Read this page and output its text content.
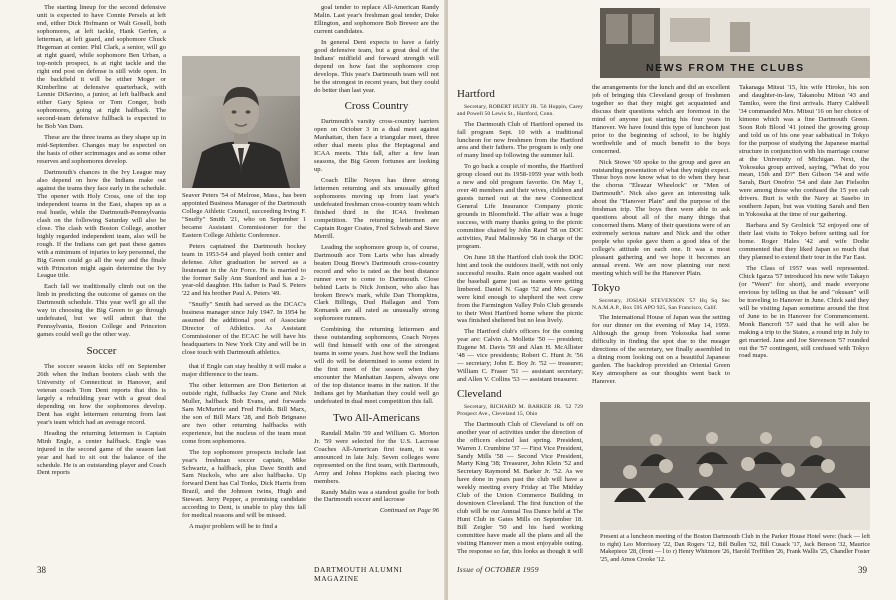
The starting lineup for the second defensive unit is expected to have Connie Persels at left end, either Dick Hofmann or Walt Gosell, both sophomores, at left tackle, Hank Gerfen, a letterman, at left guard, and sophomore Chuck Hegeman at center. Phil Clark, a senior, will go at right guard, while sophomore Ben Urban, a top-notch prospect, is at right tackle and the right end post on defense is still wide open. In the backfield it will be either Moger or Kimberline at defensive quarterback, with Lennie DiSavino, a junior, at left halfback and either Gary Spiess or Tom Conger, both sophomores, going at right halfback. The second-team defensive fullback is expected to be Bob Van Dam.

These are the three teams as they shape up in mid-September. Changes may be expected on the basis of other scrimmages and as some other reserves and sophomores develop.

Dartmouth's chances in the Ivy League may also depend on how the Indians make out against the teams they face early in the schedule. The opener with Holy Cross, one of the top independent teams in the East, shapes up as a real hustle, while the Dartmouth-Pennsylvania clash on the following Saturday will also be close. The clash with Boston College, another highly regarded independent team, also will be rough. If the Indians can get past these games with a minimum of injuries to key personnel, the Big Green could go all the way and the finale with Princeton might again determine the Ivy League title.

Each fall we traditionally climb out on the limb in predicting the outcome of games on the Dartmouth schedule. This year we'll go all the way in choosing the Big Green to go through undefeated, but we will admit that the Pennsylvania, Boston College and Princeton games could well go the other way.

Soccer

The soccer season kicks off on September 26th when the Indian booters clash with the University of Connecticut in Hanover, and veteran coach Tom Dent reports that this is largely a rebuilding year with a great deal depending on how the sophomores develop. Dent has eight lettermen returning from last year's team which had an average record.

Heading the returning lettermen is Captain Minh Engle, a center halfback. Engle was injured in the second game of the season last year and had to sit out the balance of the schedule. He is an outstanding player and Coach Dent reports

Seaver Peters '54 of Melrose, Mass., has been appointed Business Manager of the Dartmouth College Athletic Council, succeeding Irving F. "Snuffy" Smith '21, who on September 1 became Assistant Commissioner for the Eastern College Athletic Conference.

Peters captained the Dartmouth hockey team in 1953-54 and played both center and defense. After graduation he served as a lieutenant in the Air Force. He is married to the former Sally Ann Stanford and has a 2-year-old daughter. His father is Paul S. Peters '22 and his brother Paul A. Peters '49.

"Snuffy" Smith had served as the DCAC's business manager since July 1947. In 1954 he assumed the additional post of Associate Director of Athletics. As Assistant Commissioner of the ECAC he will have his headquarters in New York City and will be in close touch with Dartmouth athletics.

that if Engle can stay healthy it will make a major difference to the team.

The other lettermen are Don Betterton at outside right, fullbacks Jay Crane and Nick Muller, halfback Bob Evans, and forwards Sam McMurtrie and Fred Fields. Bill Marx, the son of Bill Marx '28, and Bob Brignano are two other returning halfbacks with experience, but the nucleus of the team must come from sophomores.

The top sophomore prospects include last year's freshman soccer captain, Mike Schwartz, a halfback, plus Dave Smith and Sam Nuckols, who are also halfbacks. Up forward Dent has Cal Tonks, Dick Harris from Brazil, and the Johnson twins, Hugh and Stewart. Jerry Pepper, a promising candidate according to Dent, is unable to play this fall for medical reasons and will be missed.

A major problem will be to find a

goal tender to replace All-American Randy Malin. Last year's freshman goal tender, Duke Ellington, and sophomore Bob Brewer are the current candidates.

In general Dent expects to have a fairly good defensive team, but a great deal of the Indians' midfield and forward strength will depend on how fast the sophomore crop develops. This year's Dartmouth team will not be the strongest in recent years, but they could do better than last year.

Cross Country

Dartmouth's varsity cross-country harriers open on October 3 in a dual meet against Manhattan, then face a triangular meet, three other dual meets plus the Heptagonal and ICAA meets. This fall, after a few lean seasons, the Big Green fortunes are looking up.

Coach Ellie Noyes has three strong lettermen returning and six unusually gifted sophomores moving up from last year's undefeated freshman cross-country team which finished third in the IC4A freshman competition. The returning lettermen are Captain Roger Coates, Fred Schwab and Steve Merrill.

Leading the sophomore group is, of course, Dartmouth ace Tom Laris who has already beaten Doug Brew's Dartmouth cross-country record and who is rated as the best distance runner ever to come to Dartmouth. Close behind Laris is Nick Jonison, who also has broken Brew's mark, while Dan Thompkins, Clark Billings, Dud Hallagan and Tom Komarek are all rated as unusually strong sophomore runners.

Combining the returning lettermen and these outstanding sophomores, Coach Noyes will find himself with one of the strongest teams in some years. Just how well the Indians will do will be determined to some extent in the first meet of the season when they encounter the Manhattan Jaspers, always one of the top distance teams in the nation. If the Indians get by Manhattan they could well go undefeated in dual meet competition this fall.

Two All-Americans

Randall Malin '59 and William G. Morton Jr. '59 were selected for the U.S. Lacrosse Coaches All-American first team, it was announced in late July. Seven colleges were represented on the first team, with Dartmouth, Army and Johns Hopkins each placing two members.

Randy Malin was a standout goalie for both the Dartmouth soccer and lacrosse

Continued on Page 96
38	DARTMOUTH ALUMNI MAGAZINE
NEWS FROM THE CLUBS
Hartford

Secretary, ROBERT HUEY JR. '56 Hoppin, Carey and Powell 50 Lewis St., Hartford, Conn.

The Dartmouth Club of Hartford opened its fall program Sept. 10 with a traditional luncheon for new freshmen from the Hartford area and their fathers. The program is only one of many lined up following the summer lull.

To go back a couple of months, the Hartford group closed out its 1958-1959 year with both a new and old program favorite. On May 1, over 40 members and their wives, children and guests turned out at the new Connecticut General Life Insurance Company picnic grounds in Bloomfield. The affair was a huge success, with many thanks going to the picnic committee chaired by John Rand '58 on DOC activities, Paul Malinosky '56 in charge of the program.

On June 18 the Hartford club took the DOC hint and took the outdoors itself, with not only successful results. Rain once again washed out the baseball game just as teams were getting limbered. Daniel N. Gage '52 and Mrs. Gage were kind enough to shepherd the wet crew from the Farmington Valley Polo Club grounds to their West Hartford home where the picnic was finished sheltered but no less lively.

The Hartford club's officers for the coming year are: Calvin A. Mollette '50 — president; Eugene M. Davis '59 and Alan H. McAllister '48 — vice presidents; Robert C. Hunt Jr. '56 — secretary; John E. Boy Jr. '52 — treasurer; William C. Fraser '51 — assistant secretary; and Allen V. Collins '53 — assistant treasurer.

Cleveland

Secretary, RICHARD M. BARKER JR. '52 729 Prospect Ave., Cleveland 15, Ohio

The Dartmouth Club of Cleveland is off on another year of activities under the direction of the officers elected last spring. President, Warren J. Crumbine '37 — First Vice President, Sandy Mills '58 — Second Vice President, Marty King '38; Treasurer, John Klein '52 and Secretary Raymond M. Barker Jr. '52. As we have done in years past the club will have a weekly meeting every Friday at The Midday Club of the Union Commerce Building in downtown Cleveland. The first function of the club will be our Annual Tea Dance held at The Hunt Club in Gates Mills on September 18. Bill Zeigler '50 and his hard working committee have made all the plans and all the visiting Hanover men a most enjoyable outing. The response so far, this looks as though it will

the arrangements for the lunch and did an excellent job of bringing this Cleveland group of freshmen together so that they might get acquainted and discuss their questions which are foremost in the mind of anyone just starting his four years in Hanover. We have found this type of luncheon just prior to the beginning of school, to be highly worthwhile and of much benefit to the boys concerned.

Nick Stowe '69 spoke to the group and gave an outstanding presentation of what they might expect. These boys now know what to do when they hear the chorus "Eleazar Wheelock" or "Men of Dartmouth". Nick also gave an interesting talk about the "Hanover Plain" and the purpose of the freshman trip. The boys then were able to ask questions about all of the many things that concerned them. Many of their questions were of an extremely serious nature and Nick and the other people who spoke gave them a good idea of the college's attitude on each one. It was a most pleasant gathering and we hope it becomes an annual event. We are now planning our next meeting which will be the Hanover Plain.

Tokyo

Secretary, JOSIAH STEVENSON '57 Hq Sq Sec N.A.M.A.P., Box 595 APO 925, San Francisco, Calif.

The International House of Japan was the setting for our dinner on the evening of May 14, 1959. Although the group from Yokosuka had some difficulty in finding the spot due to the meager directions of the secretary, we finally assembled in a dining room looking out on a beautiful Japanese garden. The backdrop provided an Oriental Green Key atmosphere as our thoughts went back to Hanover.

Takanaga Mitsui '15, his wife Hiroko, his son and daughter-in-law, Takanobu Mitsui '43 and Tamiko, were the first arrivals. Harry Caldwell '34 commanded Mrs. Mitsui '16 on her choice of kimono which was a fine Dartmouth Green. Soon Rob Blood '41 joined the growing group and told us of his one year sabbatical in Tokyo for the purpose of studying the Japanese marital structure in conjunction with his marriage course at the University of Michigan. Next, the Yokosuka group arrived, saying, "What do you mean, 15th and D?" Ben Gibson '54 and wife Sarah, Burt Onofrio '54 and date Jan Fielsohn were among those who confused the 15 yen cab drivers. Burt is with the Navy at Sasebo in southern Japan, but was visiting Sarah and Ben in Yokosuka at the time of our gathering.

Barbara and Sy Grolnick '52 enjoyed one of their last visits to Tokyo before setting sail for home. Roger Hales '42 and wife Dodie commented that they liked Japan so much that they planned to extend their tour in the Far East.

The Class of 1957 was well represented. Chick Igarza '57 introduced his new wife Takayo (or "Ween" for short), and made everyone envious by telling us that he and "okusan" will be traveling to Hanover in June. Chick said they will be visiting Japan sometime around the first of June to be in Hanover for Commencement. Monk Bancroft '57 said that he will also be making a trip to the States, a round trip in July to get married. Jane and Joe Stevenson '57 rounded out the '57 contingent, still confused with Tokyo road maps.

Present at a luncheon meeting of the Boston Dartmouth Club in the Parker House Hotel were: (back — left to right) Leo Morrissey '22, Dan Rogers '12, Bill Bullen '32, Bill Cusack '17, Jack Benson '32, Maurice Makepiece '28, (front — l to r) Henry Whitmore '26, Harold Treffthen '26, Frank Wallis '25, Chandler Foster '25, and Amos Crooke '12.
Issue of OCTOBER 1959	39
